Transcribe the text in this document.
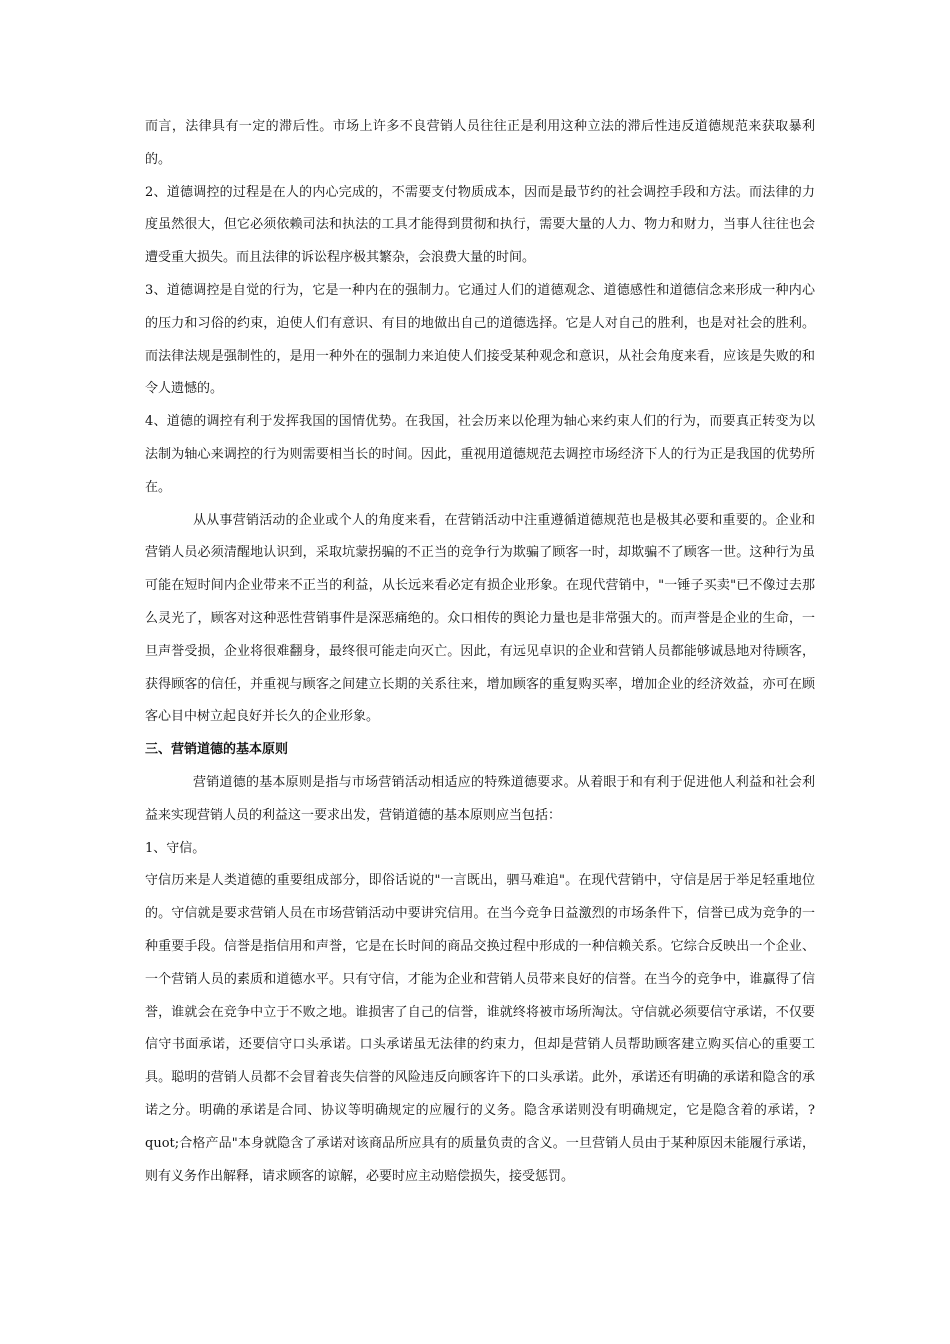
而言，法律具有一定的滞后性。市场上许多不良营销人员往往正是利用这种立法的滞后性违反道德规范来获取暴利的。

2、道德调控的过程是在人的内心完成的，不需要支付物质成本，因而是最节约的社会调控手段和方法。而法律的力度虽然很大，但它必须依赖司法和执法的工具才能得到贯彻和执行，需要大量的人力、物力和财力，当事人往往也会遭受重大损失。而且法律的诉讼程序极其繁杂，会浪费大量的时间。

3、道德调控是自觉的行为，它是一种内在的强制力。它通过人们的道德观念、道德感性和道德信念来形成一种内心的压力和习俗的约束，迫使人们有意识、有目的地做出自己的道德选择。它是人对自己的胜利，也是对社会的胜利。而法律法规是强制性的，是用一种外在的强制力来迫使人们接受某种观念和意识，从社会角度来看，应该是失败的和令人遗憾的。

4、道德的调控有利于发挥我国的国情优势。在我国，社会历来以伦理为轴心来约束人们的行为，而要真正转变为以法制为轴心来调控的行为则需要相当长的时间。因此，重视用道德规范去调控市场经济下人的行为正是我国的优势所在。

从从事营销活动的企业或个人的角度来看，在营销活动中注重遵循道德规范也是极其必要和重要的。企业和营销人员必须清醒地认识到，采取坑蒙拐骗的不正当的竞争行为欺骗了顾客一时，却欺骗不了顾客一世。这种行为虽可能在短时间内企业带来不正当的利益，从长远来看必定有损企业形象。在现代营销中，"一锤子买卖"已不像过去那么灵光了，顾客对这种恶性营销事件是深恶痛绝的。众口相传的舆论力量也是非常强大的。而声誉是企业的生命，一旦声誉受损，企业将很难翻身，最终很可能走向灭亡。因此，有远见卓识的企业和营销人员都能够诚恳地对待顾客，获得顾客的信任，并重视与顾客之间建立长期的关系往来，增加顾客的重复购买率，增加企业的经济效益，亦可在顾客心目中树立起良好并长久的企业形象。

三、营销道德的基本原则

营销道德的基本原则是指与市场营销活动相适应的特殊道德要求。从着眼于和有利于促进他人利益和社会利益来实现营销人员的利益这一要求出发，营销道德的基本原则应当包括：

1、守信。

守信历来是人类道德的重要组成部分，即俗话说的"一言既出，驷马难追"。在现代营销中，守信是居于举足轻重地位的。守信就是要求营销人员在市场营销活动中要讲究信用。在当今竞争日益激烈的市场条件下，信誉已成为竞争的一种重要手段。信誉是指信用和声誉，它是在长时间的商品交换过程中形成的一种信赖关系。它综合反映出一个企业、一个营销人员的素质和道德水平。只有守信，才能为企业和营销人员带来良好的信誉。在当今的竞争中，谁赢得了信誉，谁就会在竞争中立于不败之地。谁损害了自己的信誉，谁就终将被市场所淘汰。守信就必须要信守承诺，不仅要信守书面承诺，还要信守口头承诺。口头承诺虽无法律的约束力，但却是营销人员帮助顾客建立购买信心的重要工具。聪明的营销人员都不会冒着丧失信誉的风险违反向顾客许下的口头承诺。此外，承诺还有明确的承诺和隐含的承诺之分。明确的承诺是合同、协议等明确规定的应履行的义务。隐含承诺则没有明确规定，它是隐含着的承诺，?quot;合格产品"本身就隐含了承诺对该商品所应具有的质量负责的含义。一旦营销人员由于某种原因未能履行承诺，则有义务作出解释，请求顾客的谅解，必要时应主动赔偿损失，接受惩罚。
